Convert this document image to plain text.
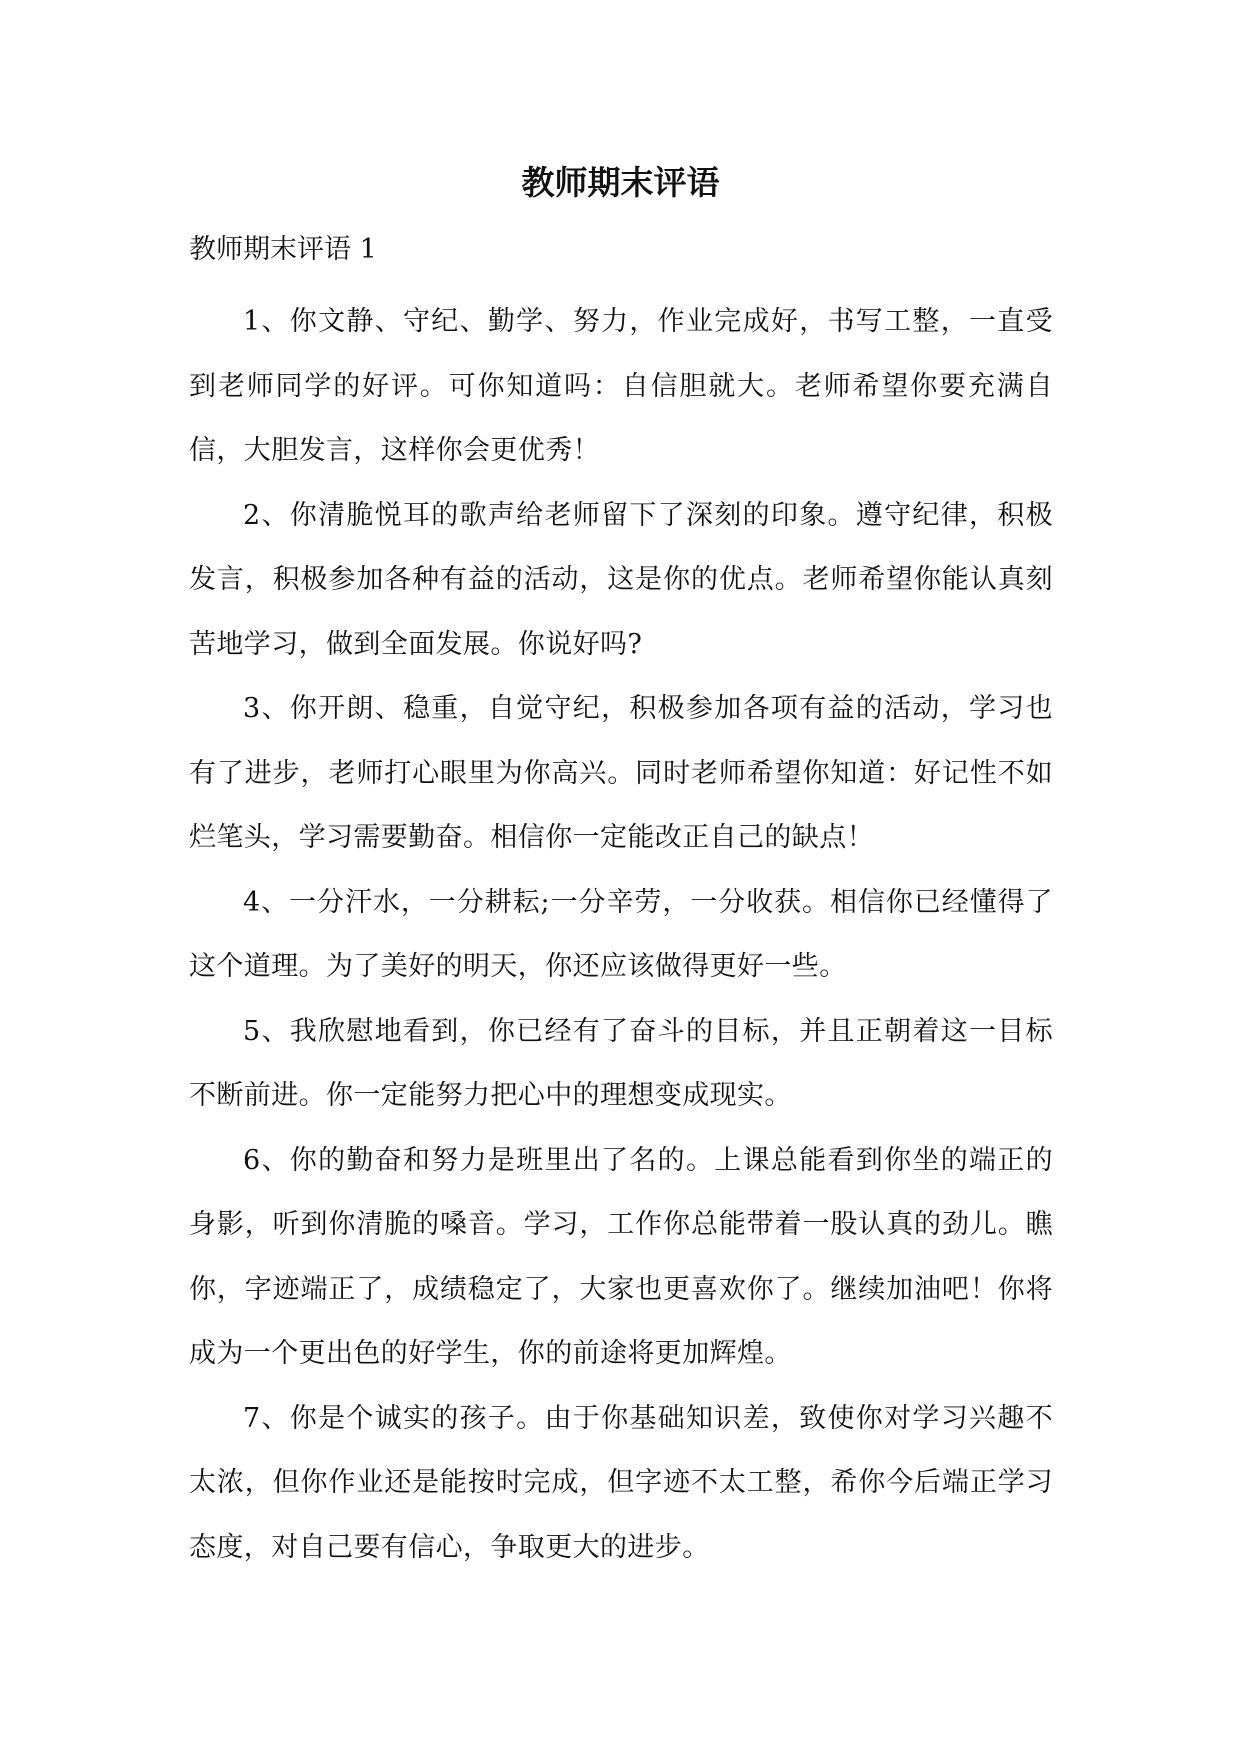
教师期末评语

教师期末评语 1

1、你文静、守纪、勤学、努力，作业完成好，书写工整，一直受到老师同学的好评。可你知道吗：自信胆就大。老师希望你要充满自信，大胆发言，这样你会更优秀！

2、你清脆悦耳的歌声给老师留下了深刻的印象。遵守纪律，积极发言，积极参加各种有益的活动，这是你的优点。老师希望你能认真刻苦地学习，做到全面发展。你说好吗?

3、你开朗、稳重，自觉守纪，积极参加各项有益的活动，学习也有了进步，老师打心眼里为你高兴。同时老师希望你知道：好记性不如烂笔头，学习需要勤奋。相信你一定能改正自己的缺点！

4、一分汗水，一分耕耘;一分辛劳，一分收获。相信你已经懂得了这个道理。为了美好的明天，你还应该做得更好一些。

5、我欣慰地看到，你已经有了奋斗的目标，并且正朝着这一目标不断前进。你一定能努力把心中的理想变成现实。

6、你的勤奋和努力是班里出了名的。上课总能看到你坐的端正的身影，听到你清脆的嗓音。学习，工作你总能带着一股认真的劲儿。瞧你，字迹端正了，成绩稳定了，大家也更喜欢你了。继续加油吧！你将成为一个更出色的好学生，你的前途将更加辉煌。

7、你是个诚实的孩子。由于你基础知识差，致使你对学习兴趣不太浓，但你作业还是能按时完成，但字迹不太工整，希你今后端正学习态度，对自己要有信心，争取更大的进步。
